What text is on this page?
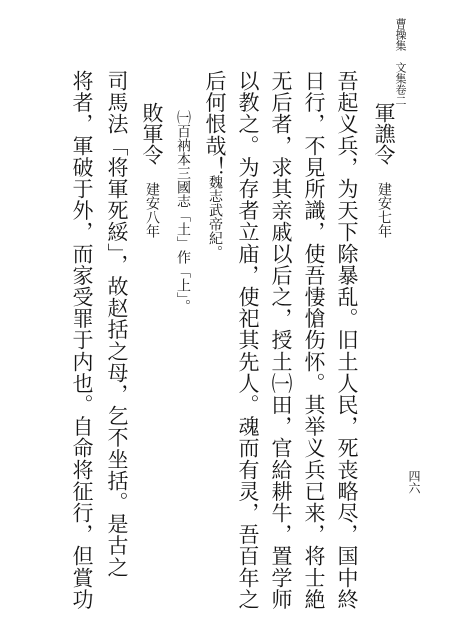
曹操集　文集卷二
四六
軍譙令
建安七年
吾起义兵，为天下除暴乱。旧土人民，死丧略尽，国中終
日行，不見所識，使吾悽愴伤怀。其举义兵已来，将士絶
无后者，求其亲戚以后之，授土㈠田，官給耕牛，置学师
以教之。为存者立庙，使祀其先人。魂而有灵，吾百年之
后何恨哉！
魏志武帝紀。
㈠百衲本三國志「土」作「上」。
敗軍令
建安八年
司馬法「将軍死綏」，故赵括之母，乞不坐括。是古之
将者，軍破于外，而家受罪于内也。自命将征行，但賞功
